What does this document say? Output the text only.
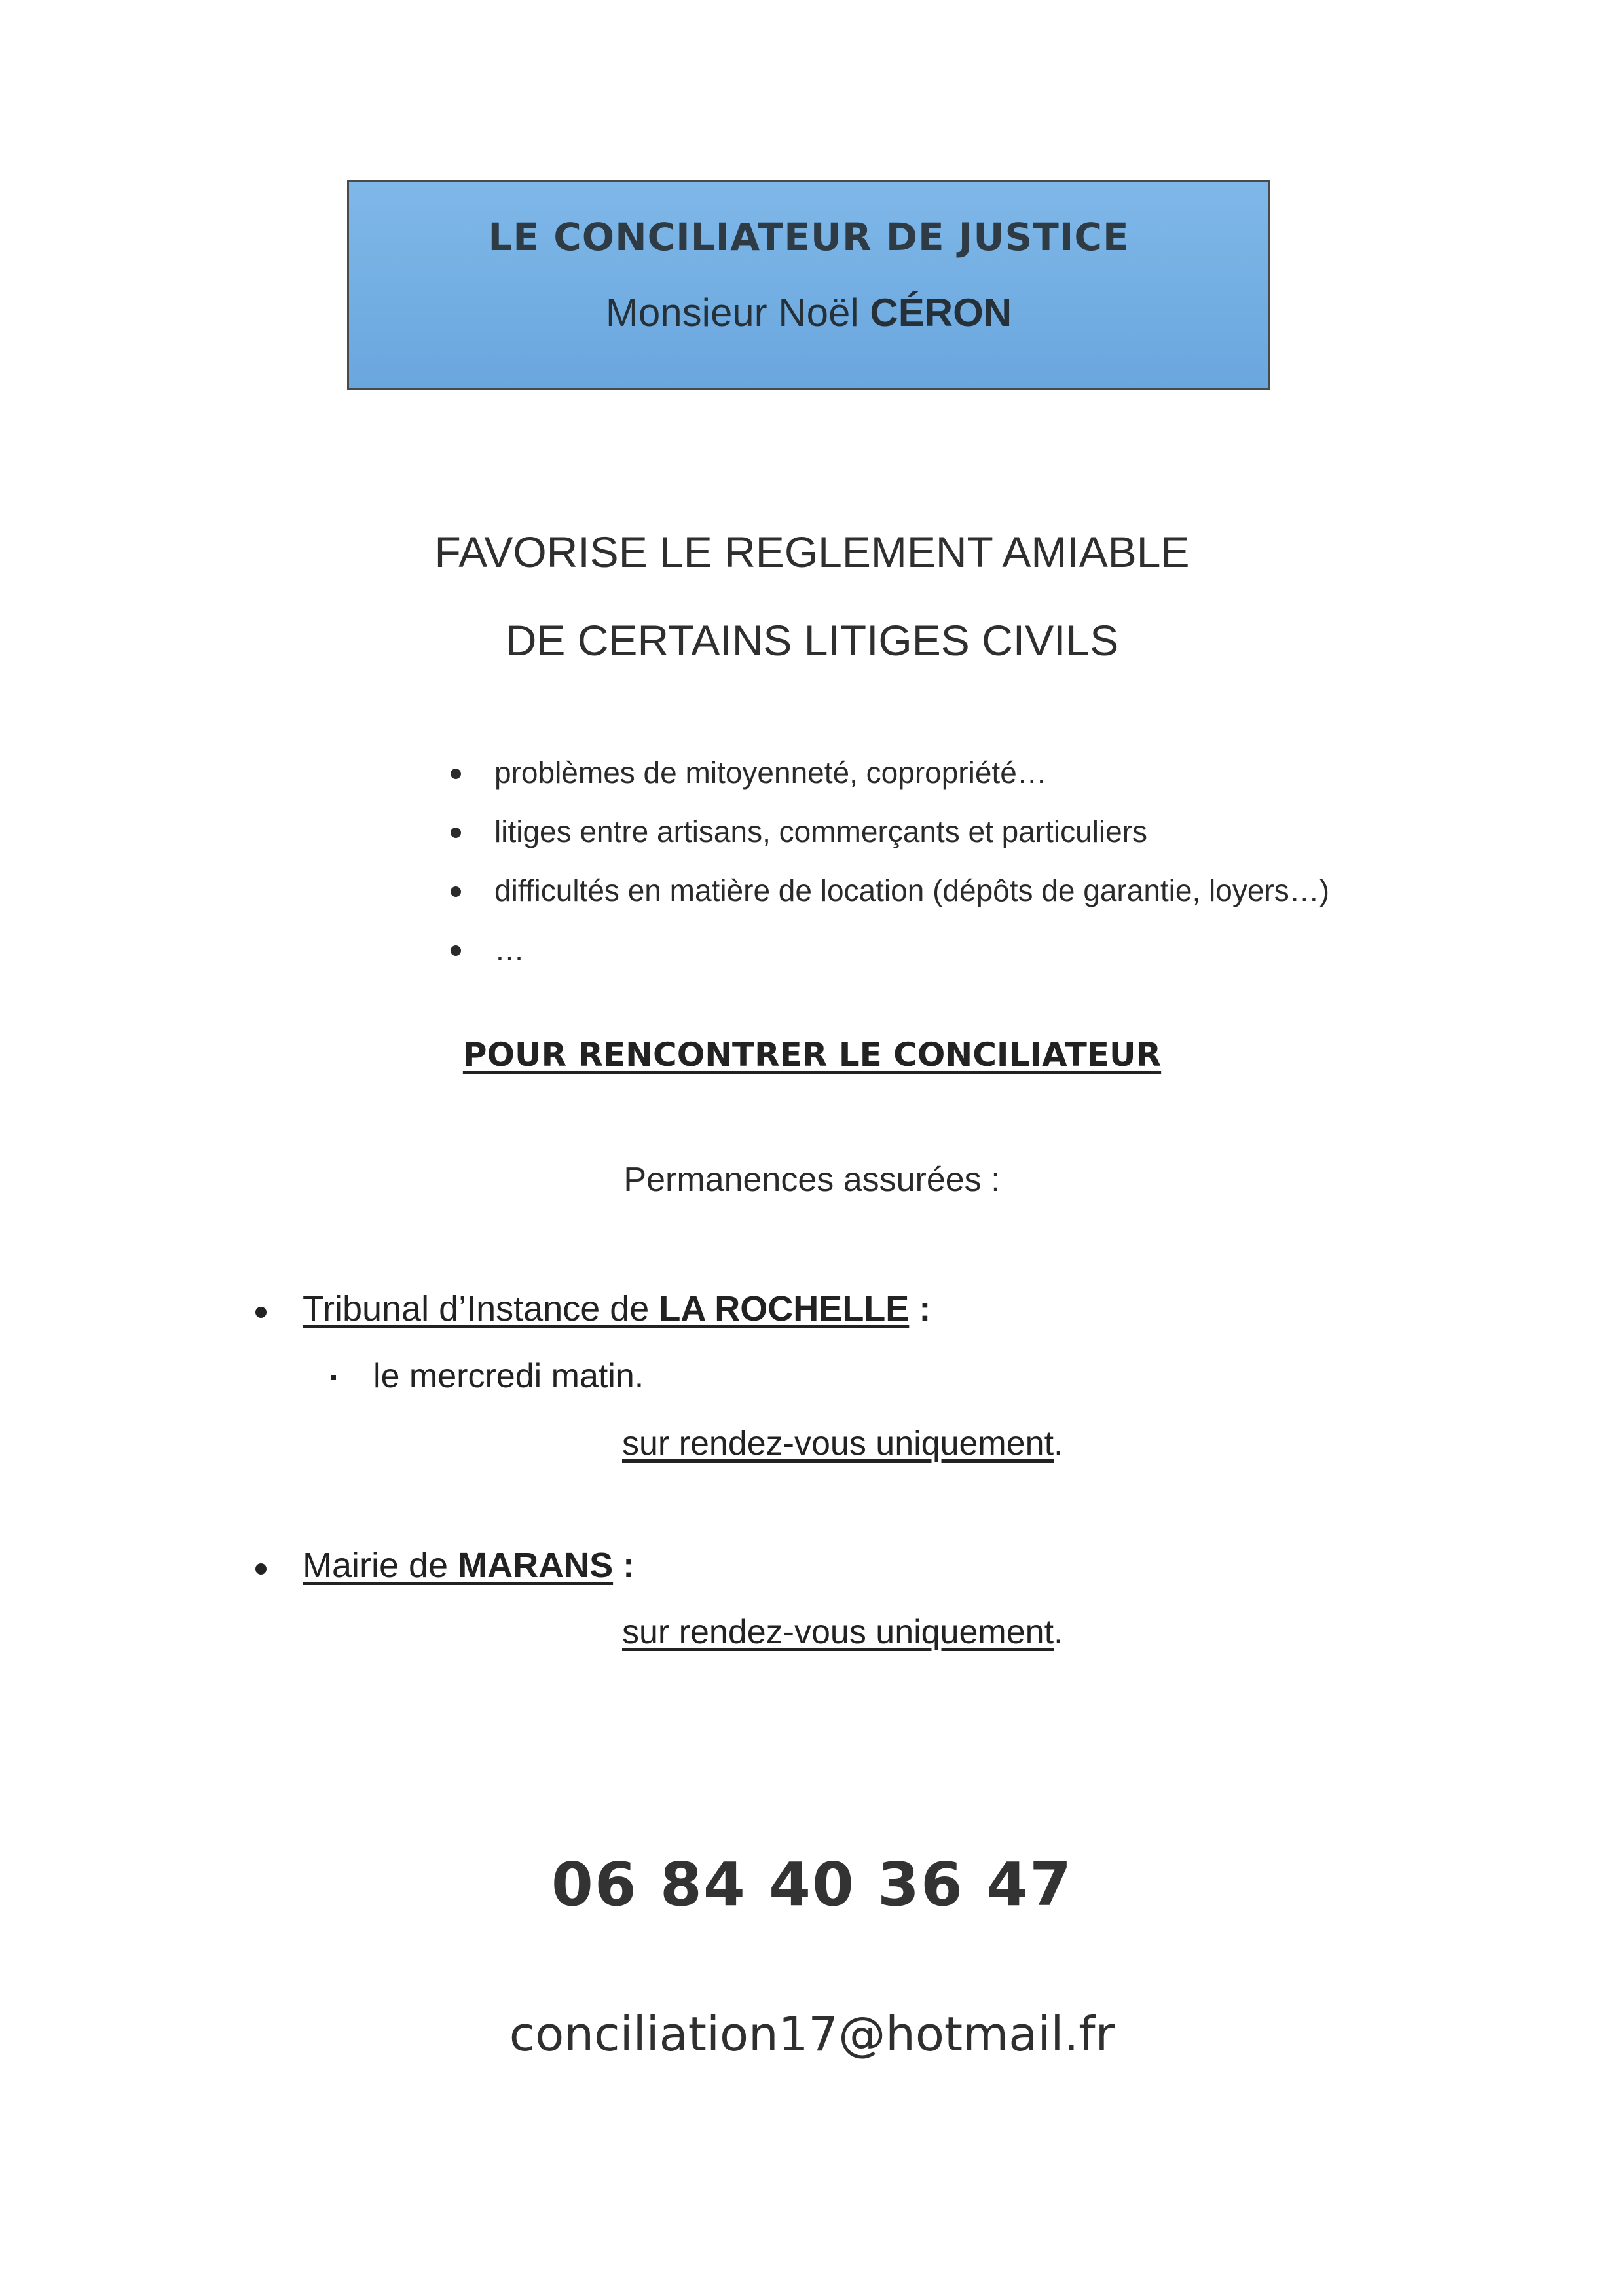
LE CONCILIATEUR DE JUSTICE
Monsieur Noël CÉRON
FAVORISE LE REGLEMENT AMIABLE
DE CERTAINS LITIGES CIVILS
problèmes de mitoyenneté, copropriété…
litiges entre artisans, commerçants et particuliers
difficultés en matière de location (dépôts de garantie, loyers…)
…
POUR RENCONTRER LE CONCILIATEUR
Permanences assurées :
Tribunal d’Instance de LA ROCHELLE :
le mercredi matin.
sur rendez-vous uniquement.
Mairie de MARANS :
sur rendez-vous uniquement.
06 84 40 36 47
conciliation17@hotmail.fr
